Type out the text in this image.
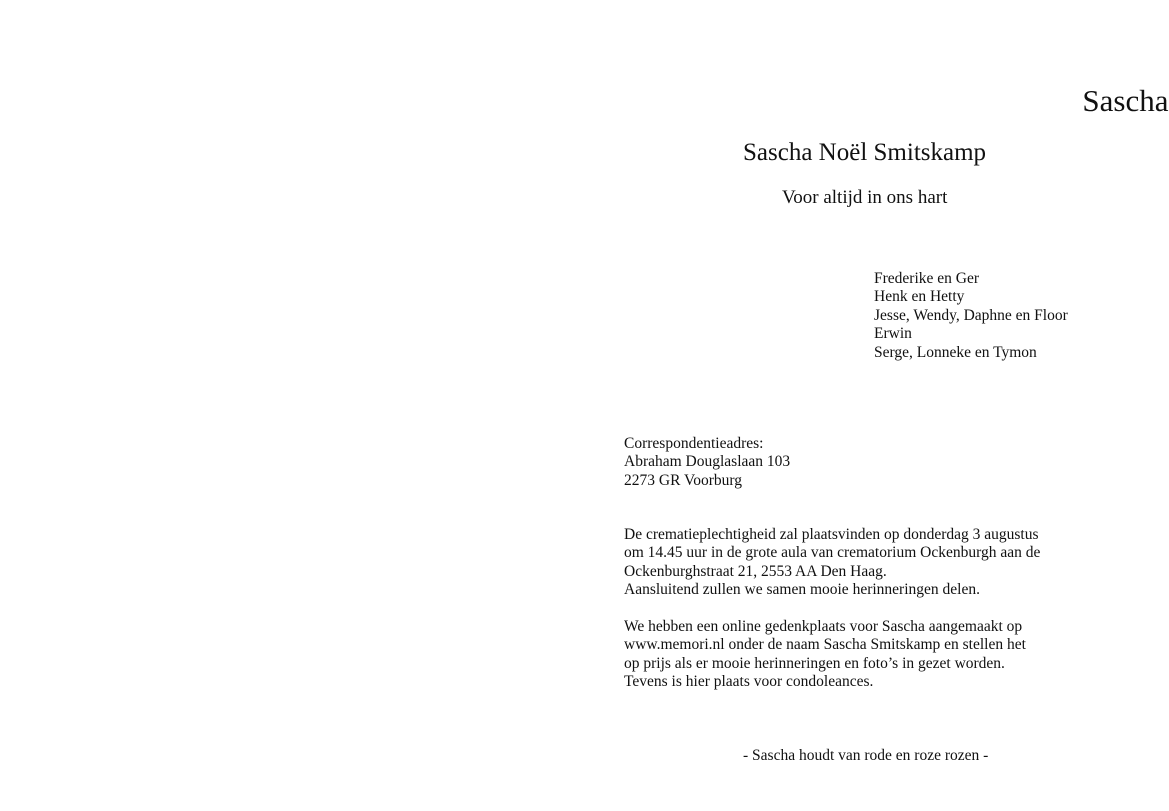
Sascha
Sascha Noël Smitskamp
Voor altijd in ons hart
Frederike en Ger
Henk en Hetty
Jesse, Wendy, Daphne en Floor
Erwin
Serge, Lonneke en Tymon
Correspondentieadres:
Abraham Douglaslaan 103
2273 GR Voorburg
De crematieplechtigheid zal plaatsvinden op donderdag 3 augustus
om 14.45 uur in de grote aula van crematorium Ockenburgh aan de
Ockenburghstraat 21, 2553 AA Den Haag.
Aansluitend zullen we samen mooie herinneringen delen.
We hebben een online gedenkplaats voor Sascha aangemaakt op
www.memori.nl onder de naam Sascha Smitskamp en stellen het
op prijs als er mooie herinneringen en foto’s in gezet worden.
Tevens is hier plaats voor condoleances.
- Sascha houdt van rode en roze rozen -
